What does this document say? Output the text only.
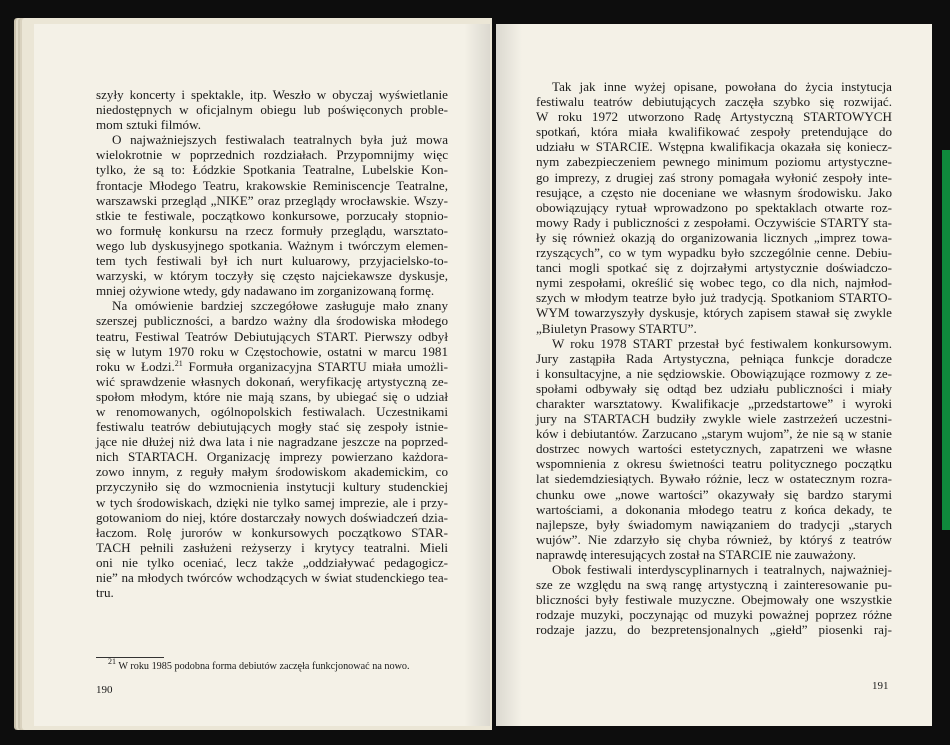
szyły koncerty i spektakle, itp. Weszło w obyczaj wyświetlanie

niedostępnych w oficjalnym obiegu lub poświęconych proble-

mom sztuki filmów.

O najważniejszych festiwalach teatralnych była już mowa

wielokrotnie w poprzednich rozdziałach. Przypomnijmy więc

tylko, że są to: Łódzkie Spotkania Teatralne, Lubelskie Kon-

frontacje Młodego Teatru, krakowskie Reminiscencje Teatralne,

warszawski przegląd „NIKE” oraz przeglądy wrocławskie. Wszy-

stkie te festiwale, początkowo konkursowe, porzucały stopnio-

wo formułę konkursu na rzecz formuły przeglądu, warsztato-

wego lub dyskusyjnego spotkania. Ważnym i twórczym elemen-

tem tych festiwali był ich nurt kuluarowy, przyjacielsko-to-

warzyski, w którym toczyły się często najciekawsze dyskusje,

mniej ożywione wtedy, gdy nadawano im zorganizowaną formę.

Na omówienie bardziej szczegółowe zasługuje mało znany

szerszej publiczności, a bardzo ważny dla środowiska młodego

teatru, Festiwal Teatrów Debiutujących START. Pierwszy odbył

się w lutym 1970 roku w Częstochowie, ostatni w marcu 1981

roku w Łodzi.$^{21}$ Formuła organizacyjna STARTU miała umożli-

wić sprawdzenie własnych dokonań, weryfikację artystyczną ze-

społom młodym, które nie mają szans, by ubiegać się o udział

w renomowanych, ogólnopolskich festiwalach. Uczestnikami

festiwalu teatrów debiutujących mogły stać się zespoły istnie-

jące nie dłużej niż dwa lata i nie nagradzane jeszcze na poprzed-

nich STARTACH. Organizację imprezy powierzano każdora-

zowo innym, z reguły małym środowiskom akademickim, co

przyczyniło się do wzmocnienia instytucji kultury studenckiej

w tych środowiskach, dzięki nie tylko samej imprezie, ale i przy-

gotowaniom do niej, które dostarczały nowych doświadczeń dzia-

łaczom. Rolę jurorów w konkursowych początkowo STAR-

TACH pełnili zasłużeni reżyserzy i krytycy teatralni. Mieli

oni nie tylko oceniać, lecz także „oddziaływać pedagogicz-

nie” na młodych twórców wchodzących w świat studenckiego tea-

tru.

$^{21}$ W roku 1985 podobna forma debiutów zaczęła funkcjonować na nowo.
190

Tak jak inne wyżej opisane, powołana do życia instytucja

festiwalu teatrów debiutujących zaczęła szybko się rozwijać.

W roku 1972 utworzono Radę Artystyczną STARTOWYCH

spotkań, która miała kwalifikować zespoły pretendujące do

udziału w STARCIE. Wstępna kwalifikacja okazała się koniecz-

nym zabezpieczeniem pewnego minimum poziomu artystyczne-

go imprezy, z drugiej zaś strony pomagała wyłonić zespoły inte-

resujące, a często nie doceniane we własnym środowisku. Jako

obowiązujący rytuał wprowadzono po spektaklach otwarte roz-

mowy Rady i publiczności z zespołami. Oczywiście STARTY sta-

ły się również okazją do organizowania licznych „imprez towa-

rzyszących”, co w tym wypadku było szczególnie cenne. Debiu-

tanci mogli spotkać się z dojrzałymi artystycznie doświadczo-

nymi zespołami, określić się wobec tego, co dla nich, najmłod-

szych w młodym teatrze było już tradycją. Spotkaniom STARTO-

WYM towarzyszyły dyskusje, których zapisem stawał się zwykle

„Biuletyn Prasowy STARTU”.

W roku 1978 START przestał być festiwalem konkursowym.

Jury zastąpiła Rada Artystyczna, pełniąca funkcje doradcze

i konsultacyjne, a nie sędziowskie. Obowiązujące rozmowy z ze-

społami odbywały się odtąd bez udziału publiczności i miały

charakter warsztatowy. Kwalifikacje „przedstartowe” i wyroki

jury na STARTACH budziły zwykle wiele zastrzeżeń uczestni-

ków i debiutantów. Zarzucano „starym wujom”, że nie są w stanie

dostrzec nowych wartości estetycznych, zapatrzeni we własne

wspomnienia z okresu świetności teatru politycznego początku

lat siedemdziesiątych. Bywało różnie, lecz w ostatecznym rozra-

chunku owe „nowe wartości” okazywały się bardzo starymi

wartościami, a dokonania młodego teatru z końca dekady, te

najlepsze, były świadomym nawiązaniem do tradycji „starych

wujów”. Nie zdarzyło się chyba również, by któryś z teatrów

naprawdę interesujących został na STARCIE nie zauważony.

Obok festiwali interdyscyplinarnych i teatralnych, najważniej-

sze ze względu na swą rangę artystyczną i zainteresowanie pu-

bliczności były festiwale muzyczne. Obejmowały one wszystkie

rodzaje muzyki, poczynając od muzyki poważnej poprzez różne

rodzaje jazzu, do bezpretensjonalnych „giełd” piosenki raj-

191
